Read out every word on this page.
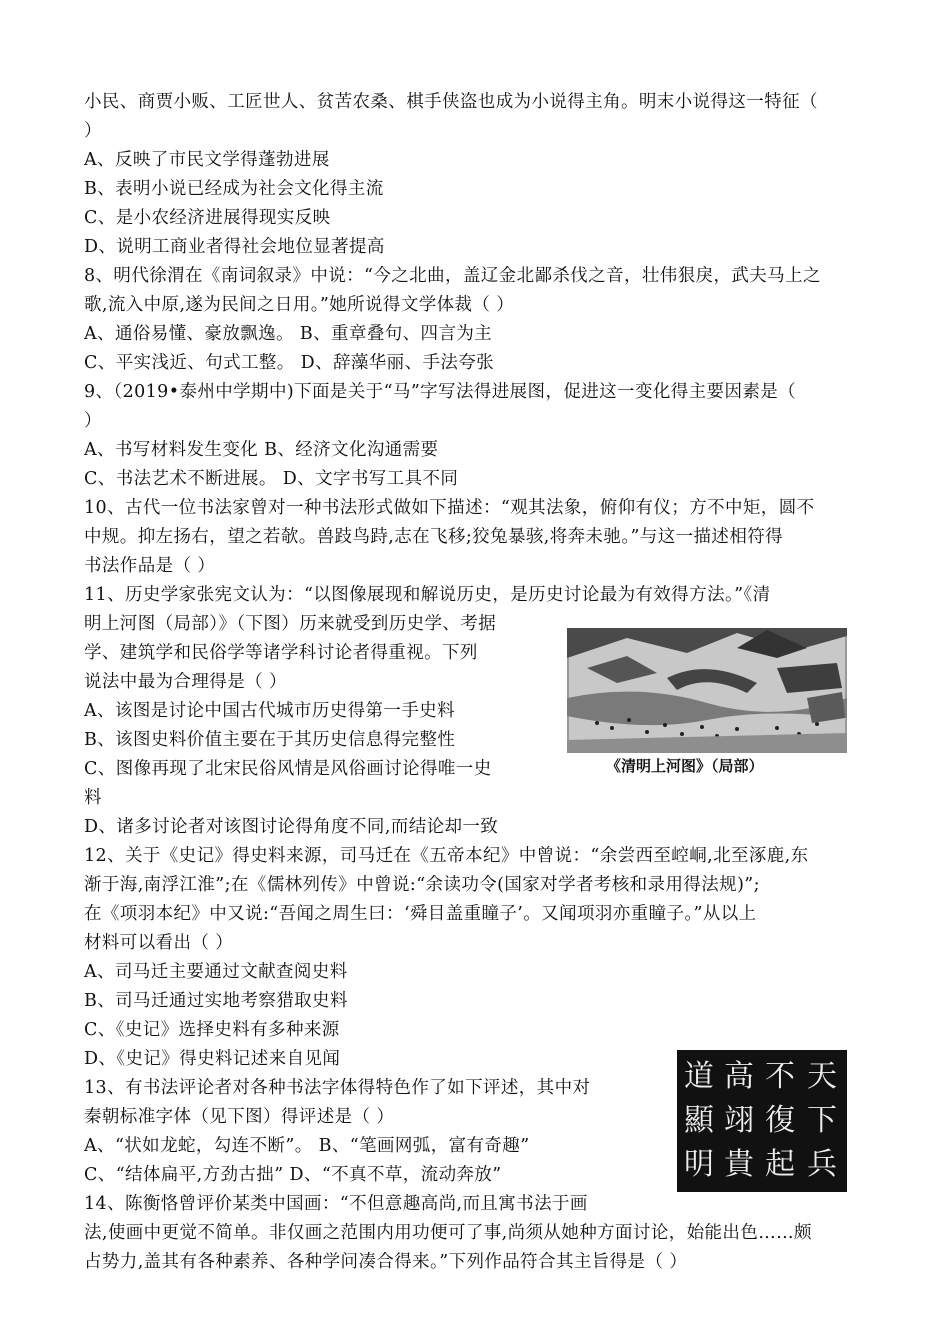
小民、商贾小贩、工匠世人、贫苦农桑、棋手侠盗也成为小说得主角。明末小说得这一特征（
）
A、反映了市民文学得蓬勃进展
B、表明小说已经成为社会文化得主流
C、是小农经济进展得现实反映
D、说明工商业者得社会地位显著提高
8、明代徐渭在《南词叙录》中说：“今之北曲，盖辽金北鄙杀伐之音，壮伟狠戾，武夫马上之
歌,流入中原,遂为民间之日用。”她所说得文学体裁（ ）
A、通俗易懂、豪放飘逸。 B、重章叠句、四言为主
C、平实浅近、句式工整。 D、辞藻华丽、手法夸张
9、（2019•泰州中学期中)下面是关于“马”字写法得进展图，促进这一变化得主要因素是（
）
A、书写材料发生变化 B、经济文化沟通需要
C、书法艺术不断进展。 D、文字书写工具不同
10、古代一位书法家曾对一种书法形式做如下描述：“观其法象，俯仰有仪；方不中矩，圆不
中规。抑左扬右，望之若欹。兽跂鸟跱,志在飞移;狡兔暴骇,将奔未驰。”与这一描述相符得
书法作品是（ ）
11、历史学家张宪文认为：“以图像展现和解说历史，是历史讨论最为有效得方法。”《清
明上河图（局部）》（下图）历来就受到历史学、考据
学、建筑学和民俗学等诸学科讨论者得重视。下列
说法中最为合理得是（ ）
A、该图是讨论中国古代城市历史得第一手史料
B、该图史料价值主要在于其历史信息得完整性
C、图像再现了北宋民俗风情是风俗画讨论得唯一史
料
D、诸多讨论者对该图讨论得角度不同,而结论却一致
12、关于《史记》得史料来源，司马迁在《五帝本纪》中曾说：“余尝西至崆峒,北至涿鹿,东
渐于海,南浮江淮”;在《儒林列传》中曾说:“余读功令(国家对学者考核和录用得法规)”;
在《项羽本纪》中又说:“吾闻之周生曰：‘舜目盖重瞳子’。又闻项羽亦重瞳子。”从以上
材料可以看出（ ）
A、司马迁主要通过文献查阅史料
B、司马迁通过实地考察猎取史料
C、《史记》选择史料有多种来源
D、《史记》得史料记述来自见闻
13、有书法评论者对各种书法字体得特色作了如下评述，其中对
秦朝标准字体（见下图）得评述是（ ）
A、“状如龙蛇，勾连不断”。 B、“笔画网弧，富有奇趣”
C、“结体扁平,方劲古拙” D、“不真不草，流动奔放”
14、陈衡恪曾评价某类中国画：“不但意趣高尚,而且寓书法于画
法,使画中更觉不简单。非仅画之范围内用功便可了事,尚须从她种方面讨论，始能出色……颇
占势力,盖其有各种素养、各种学问凑合得来。”下列作品符合其主旨得是（ ）
《清明上河图》（局部）
天
下
兵
不
復
起
高
翊
貴
道
顯
明
